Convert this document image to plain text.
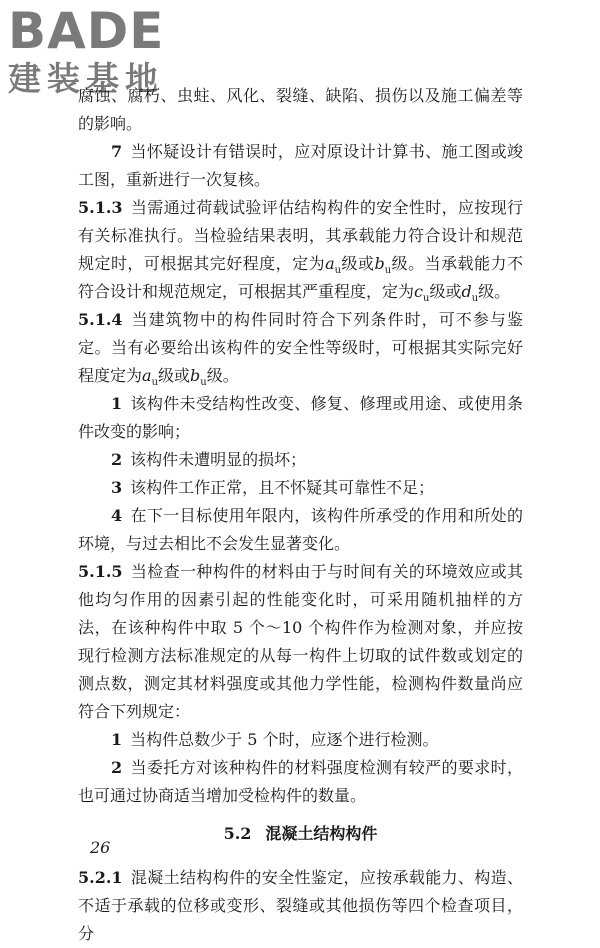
BADE
建装基地

腐蚀、腐朽、虫蛀、风化、裂缝、缺陷、损伤以及施工偏差等的影响。

7 当怀疑设计有错误时，应对原设计计算书、施工图或竣工图，重新进行一次复核。

5.1.3 当需通过荷载试验评估结构构件的安全性时，应按现行有关标准执行。当检验结果表明，其承载能力符合设计和规范规定时，可根据其完好程度，定为$a_u$级或$b_u$级。当承载能力不符合设计和规范规定，可根据其严重程度，定为$c_u$级或$d_u$级。

5.1.4 当建筑物中的构件同时符合下列条件时，可不参与鉴定。当有必要给出该构件的安全性等级时，可根据其实际完好程度定为$a_u$级或$b_u$级。

1 该构件未受结构性改变、修复、修理或用途、或使用条件改变的影响；

2 该构件未遭明显的损坏；

3 该构件工作正常，且不怀疑其可靠性不足；

4 在下一目标使用年限内，该构件所承受的作用和所处的环境，与过去相比不会发生显著变化。

5.1.5 当检查一种构件的材料由于与时间有关的环境效应或其他均匀作用的因素引起的性能变化时，可采用随机抽样的方法，在该种构件中取 5 个～10 个构件作为检测对象，并应按现行检测方法标准规定的从每一构件上切取的试件数或划定的测点数，测定其材料强度或其他力学性能，检测构件数量尚应符合下列规定：

1 当构件总数少于 5 个时，应逐个进行检测。

2 当委托方对该种构件的材料强度检测有较严的要求时，也可通过协商适当增加受检构件的数量。

5.2 混凝土结构构件

5.2.1 混凝土结构构件的安全性鉴定，应按承载能力、构造、不适于承载的位移或变形、裂缝或其他损伤等四个检查项目，分

26
